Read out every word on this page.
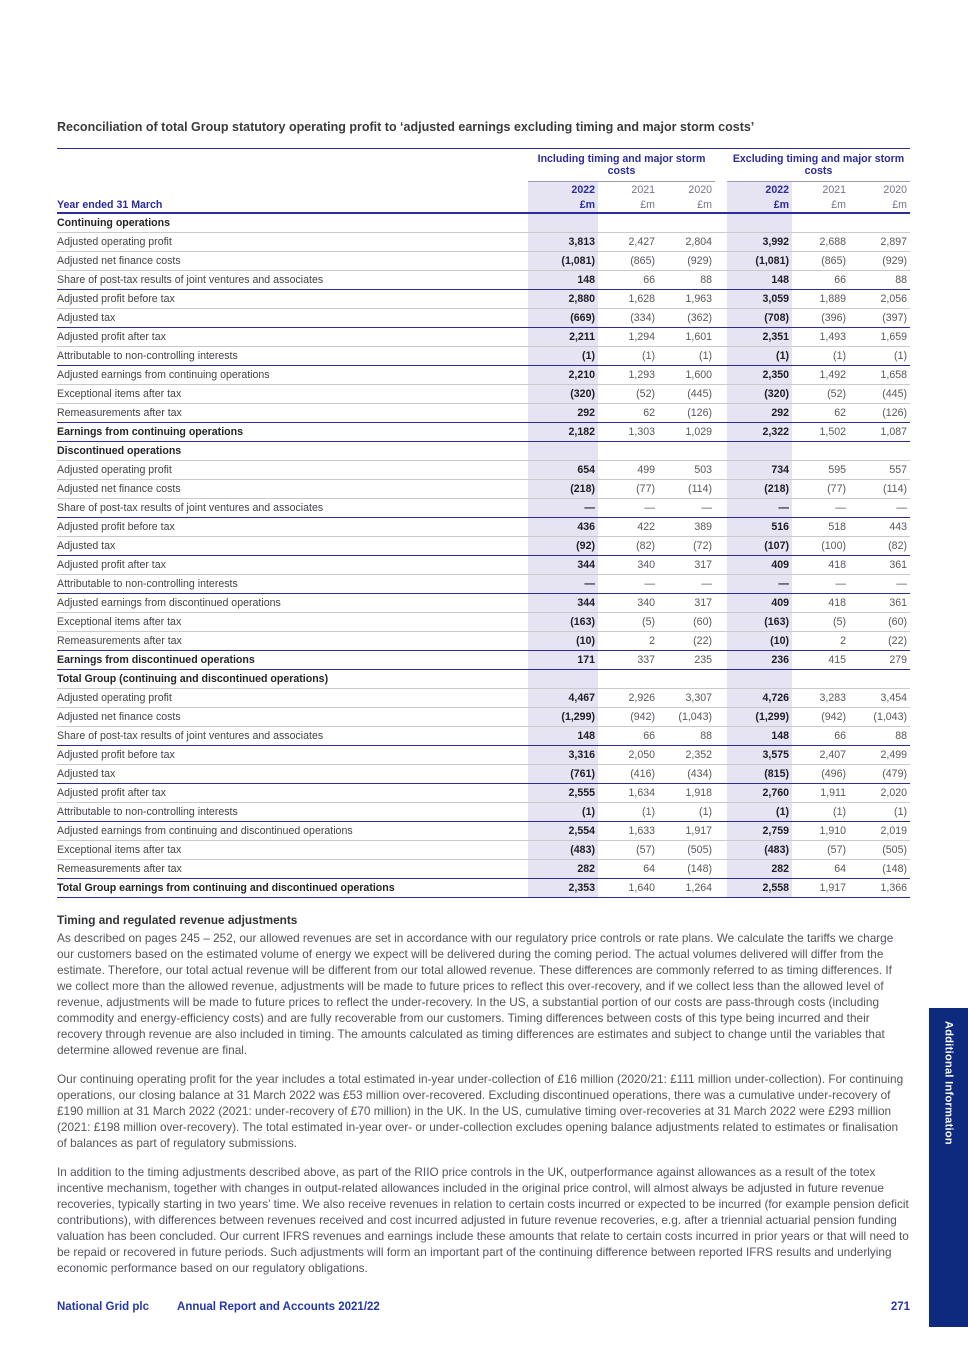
Reconciliation of total Group statutory operating profit to ‘adjusted earnings excluding timing and major storm costs’
Including timing and major storm costs
Excluding timing and major storm costs
2022	2021	2020	2022	2021	2020
Year ended 31 March	£m	£m	£m	£m	£m	£m
Continuing operations
Adjusted operating profit	3,813	2,427	2,804	3,992	2,688	2,897
Adjusted net finance costs	(1,081)	(865)	(929)	(1,081)	(865)	(929)
Share of post-tax results of joint ventures and associates	148	66	88	148	66	88
Adjusted profit before tax	2,880	1,628	1,963	3,059	1,889	2,056
Adjusted tax	(669)	(334)	(362)	(708)	(396)	(397)
Adjusted profit after tax	2,211	1,294	1,601	2,351	1,493	1,659
Attributable to non-controlling interests	(1)	(1)	(1)	(1)	(1)	(1)
Adjusted earnings from continuing operations	2,210	1,293	1,600	2,350	1,492	1,658
Exceptional items after tax	(320)	(52)	(445)	(320)	(52)	(445)
Remeasurements after tax	292	62	(126)	292	62	(126)
Earnings from continuing operations	2,182	1,303	1,029	2,322	1,502	1,087
Discontinued operations
Adjusted operating profit	654	499	503	734	595	557
Adjusted net finance costs	(218)	(77)	(114)	(218)	(77)	(114)
Share of post-tax results of joint ventures and associates	—	—	—	—	—	—
Adjusted profit before tax	436	422	389	516	518	443
Adjusted tax	(92)	(82)	(72)	(107)	(100)	(82)
Adjusted profit after tax	344	340	317	409	418	361
Attributable to non-controlling interests	—	—	—	—	—	—
Adjusted earnings from discontinued operations	344	340	317	409	418	361
Exceptional items after tax	(163)	(5)	(60)	(163)	(5)	(60)
Remeasurements after tax	(10)	2	(22)	(10)	2	(22)
Earnings from discontinued operations	171	337	235	236	415	279
Total Group (continuing and discontinued operations)
Adjusted operating profit	4,467	2,926	3,307	4,726	3,283	3,454
Adjusted net finance costs	(1,299)	(942)	(1,043)	(1,299)	(942)	(1,043)
Share of post-tax results of joint ventures and associates	148	66	88	148	66	88
Adjusted profit before tax	3,316	2,050	2,352	3,575	2,407	2,499
Adjusted tax	(761)	(416)	(434)	(815)	(496)	(479)
Adjusted profit after tax	2,555	1,634	1,918	2,760	1,911	2,020
Attributable to non-controlling interests	(1)	(1)	(1)	(1)	(1)	(1)
Adjusted earnings from continuing and discontinued operations	2,554	1,633	1,917	2,759	1,910	2,019
Exceptional items after tax	(483)	(57)	(505)	(483)	(57)	(505)
Remeasurements after tax	282	64	(148)	282	64	(148)
Total Group earnings from continuing and discontinued operations	2,353	1,640	1,264	2,558	1,917	1,366
Timing and regulated revenue adjustments

As described on pages 245 – 252, our allowed revenues are set in accordance with our regulatory price controls or rate plans. We calculate the tariffs we charge our customers based on the estimated volume of energy we expect will be delivered during the coming period. The actual volumes delivered will differ from the estimate. Therefore, our total actual revenue will be different from our total allowed revenue. These differences are commonly referred to as timing differences. If we collect more than the allowed revenue, adjustments will be made to future prices to reflect this over-recovery, and if we collect less than the allowed level of revenue, adjustments will be made to future prices to reflect the under-recovery. In the US, a substantial portion of our costs are pass-through costs (including commodity and energy-efficiency costs) and are fully recoverable from our customers. Timing differences between costs of this type being incurred and their recovery through revenue are also included in timing. The amounts calculated as timing differences are estimates and subject to change until the variables that determine allowed revenue are final.

Our continuing operating profit for the year includes a total estimated in-year under-collection of £16 million (2020/21: £111 million under-collection). For continuing operations, our closing balance at 31 March 2022 was £53 million over-recovered. Excluding discontinued operations, there was a cumulative under-recovery of £190 million at 31 March 2022 (2021: under-recovery of £70 million) in the UK. In the US, cumulative timing over-recoveries at 31 March 2022 were £293 million (2021: £198 million over-recovery). The total estimated in-year over- or under-collection excludes opening balance adjustments related to estimates or finalisation of balances as part of regulatory submissions.

In addition to the timing adjustments described above, as part of the RIIO price controls in the UK, outperformance against allowances as a result of the totex incentive mechanism, together with changes in output-related allowances included in the original price control, will almost always be adjusted in future revenue recoveries, typically starting in two years’ time. We also receive revenues in relation to certain costs incurred or expected to be incurred (for example pension deficit contributions), with differences between revenues received and cost incurred adjusted in future revenue recoveries, e.g. after a triennial actuarial pension funding valuation has been concluded. Our current IFRS revenues and earnings include these amounts that relate to certain costs incurred in prior years or that will need to be repaid or recovered in future periods. Such adjustments will form an important part of the continuing difference between reported IFRS results and underlying economic performance based on our regulatory obligations.

National Grid plc Annual Report and Accounts 2021/22	271
Additional Information
